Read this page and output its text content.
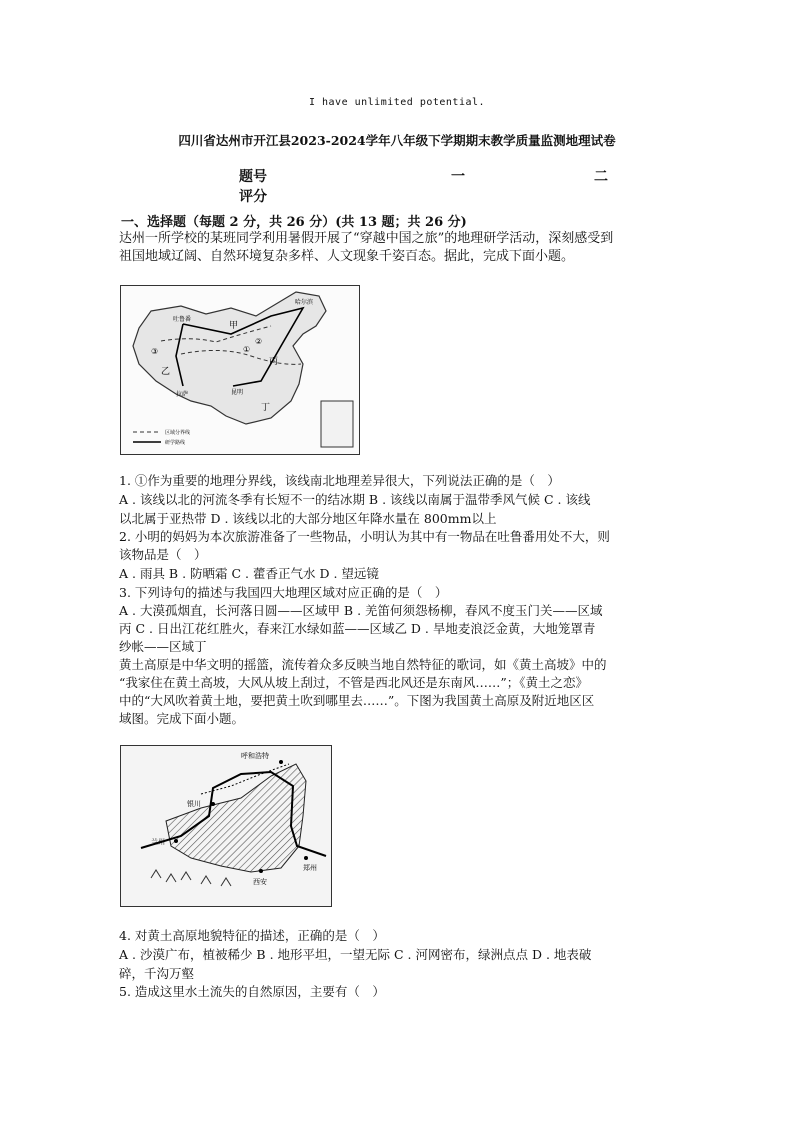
I have unlimited potential.
四川省达州市开江县2023-2024学年八年级下学期期末教学质量监测地理试卷
题号	一	二
评分
一、选择题（每题 2 分，共 26 分）(共 13 题；共 26 分)
达州一所学校的某班同学利用暑假开展了“穿越中国之旅”的地理研学活动，深刻感受到
祖国地域辽阔、自然环境复杂多样、人文现象千姿百态。据此，完成下面小题。
吐鲁番
哈尔滨
拉萨	昆明
甲
乙
丙
丁
①
②
③
区域分界线
研学路线
1. ①作为重要的地理分界线，该线南北地理差异很大，下列说法正确的是（　）
A . 该线以北的河流冬季有长短不一的结冰期 B . 该线以南属于温带季风气候 C . 该线
以北属于亚热带 D . 该线以北的大部分地区年降水量在 800mm以上
2. 小明的妈妈为本次旅游准备了一些物品，小明认为其中有一物品在吐鲁番用处不大，则
该物品是（　）
A . 雨具 B . 防晒霜 C . 藿香正气水 D . 望远镜
3. 下列诗句的描述与我国四大地理区域对应正确的是（　）
A . 大漠孤烟直，长河落日圆——区域甲 B . 羌笛何须怨杨柳，春风不度玉门关——区域
丙 C . 日出江花红胜火，春来江水绿如蓝——区域乙 D . 旱地麦浪泛金黄，大地笼罩青
纱帐——区域丁
黄土高原是中华文明的摇篮，流传着众多反映当地自然特征的歌词，如《黄土高坡》中的
“我家住在黄土高坡，大风从坡上刮过，不管是西北风还是东南风……”；《黄土之恋》
中的“大风吹着黄土地，要把黄土吹到哪里去……”。下图为我国黄土高原及附近地区区
域图。完成下面小题。
呼和浩特
银川
兰州
郑州
西安
4. 对黄土高原地貌特征的描述，正确的是（　）
A . 沙漠广布，植被稀少 B . 地形平坦，一望无际 C . 河网密布，绿洲点点 D . 地表破
碎，千沟万壑
5. 造成这里水土流失的自然原因，主要有（　）
